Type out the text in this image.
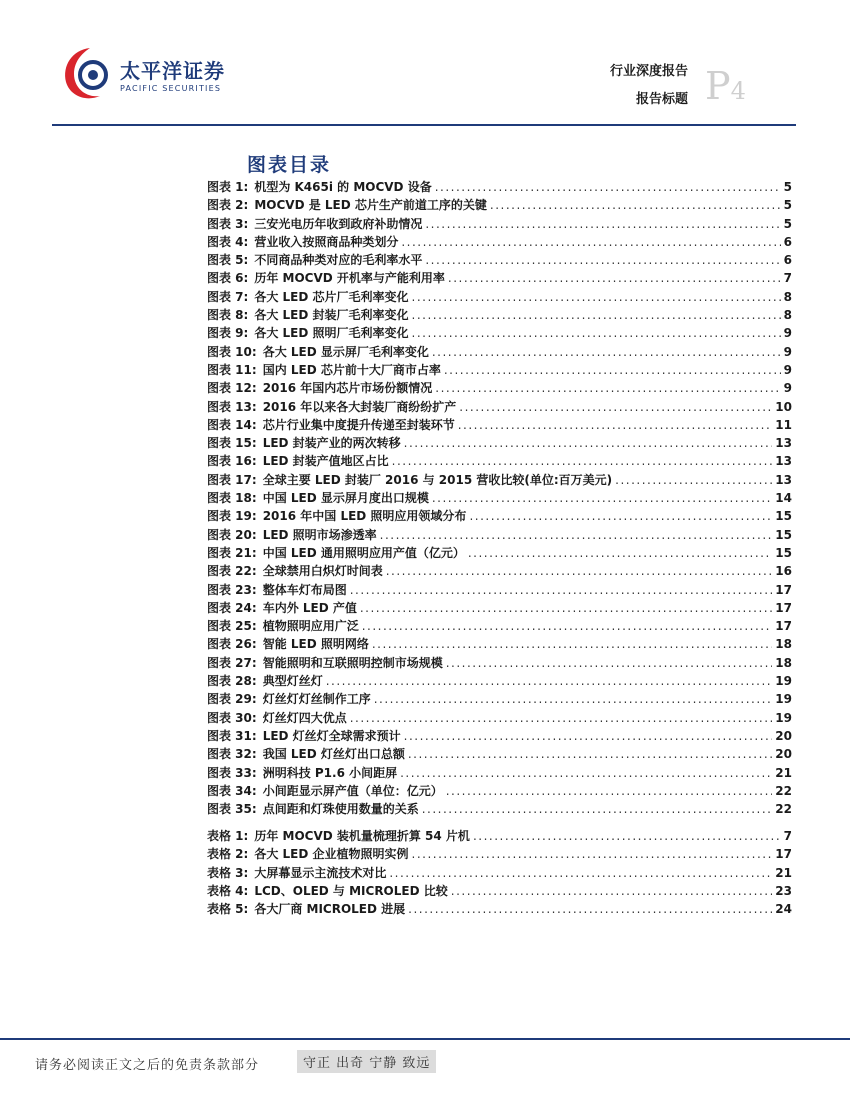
太平洋证券
PACIFIC SECURITIES
行业深度报告
报告标题 P4
图表目录
图表 1: 机型为 K465i 的 MOCVD 设备 .....	5
图表 2: MOCVD 是 LED 芯片生产前道工序的关键 .....	5
图表 3: 三安光电历年收到政府补助情况 .....	5
图表 4: 营业收入按照商品种类划分 .....	6
图表 5: 不同商品种类对应的毛利率水平 .....	6
图表 6: 历年 MOCVD 开机率与产能利用率 .....	7
图表 7: 各大 LED 芯片厂毛利率变化 .....	8
图表 8: 各大 LED 封装厂毛利率变化 .....	8
图表 9: 各大 LED 照明厂毛利率变化 .....	9
图表 10: 各大 LED 显示屏厂毛利率变化 .....	9
图表 11: 国内 LED 芯片前十大厂商市占率 .....	9
图表 12: 2016 年国内芯片市场份额情况 .....	9
图表 13: 2016 年以来各大封装厂商纷纷扩产 .....	10
图表 14: 芯片行业集中度提升传递至封装环节 .....	11
图表 15: LED 封装产业的两次转移 .....	13
图表 16: LED 封装产值地区占比 .....	13
图表 17: 全球主要 LED 封装厂 2016 与 2015 营收比较(单位:百万美元) .....	13
图表 18: 中国 LED 显示屏月度出口规模 .....	14
图表 19: 2016 年中国 LED 照明应用领域分布 .....	15
图表 20: LED 照明市场渗透率 .....	15
图表 21: 中国 LED 通用照明应用产值（亿元） .....	15
图表 22: 全球禁用白炽灯时间表 .....	16
图表 23: 整体车灯布局图 .....	17
图表 24: 车内外 LED 产值 .....	17
图表 25: 植物照明应用广泛 .....	17
图表 26: 智能 LED 照明网络 .....	18
图表 27: 智能照明和互联照明控制市场规模 .....	18
图表 28: 典型灯丝灯 .....	19
图表 29: 灯丝灯灯丝制作工序 .....	19
图表 30: 灯丝灯四大优点 .....	19
图表 31: LED 灯丝灯全球需求预计 .....	20
图表 32: 我国 LED 灯丝灯出口总额 .....	20
图表 33: 洲明科技 P1.6 小间距屏 .....	21
图表 34: 小间距显示屏产值（单位：亿元） .....	22
图表 35: 点间距和灯珠使用数量的关系 .....	22
表格 1: 历年 MOCVD 装机量梳理折算 54 片机 .....	7
表格 2: 各大 LED 企业植物照明实例 .....	17
表格 3: 大屏幕显示主流技术对比 .....	21
表格 4: LCD、OLED 与 MICROLED 比较 .....	23
表格 5: 各大厂商 MICROLED 进展 .....	24
请务必阅读正文之后的免责条款部分	守正 出奇 宁静 致远
